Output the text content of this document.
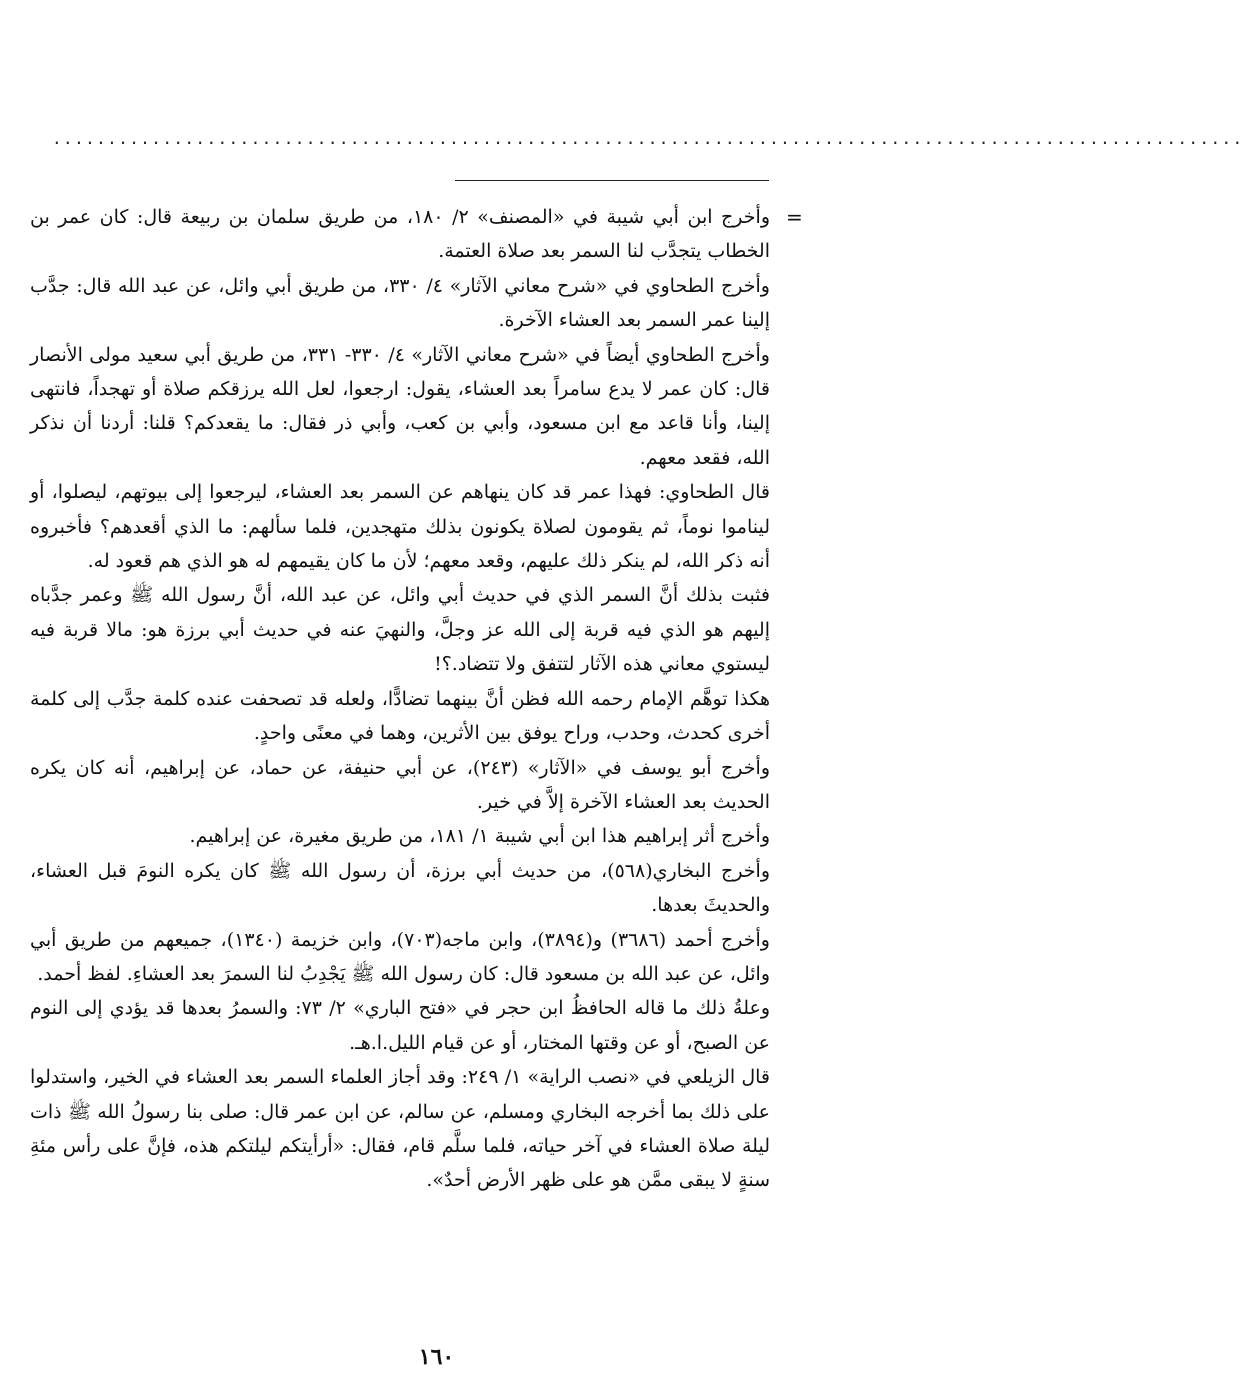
............................................................................................................
=

وأخرج ابن أبي شيبة في «المصنف» ٢/ ١٨٠، من طريق سلمان بن ربيعة قال: كان عمر بن الخطاب يتجدَّب لنا السمر بعد صلاة العتمة.

وأخرج الطحاوي في «شرح معاني الآثار» ٤/ ٣٣٠، من طريق أبي وائل، عن عبد الله قال: جدَّب إلينا عمر السمر بعد العشاء الآخرة.

وأخرج الطحاوي أيضاً في «شرح معاني الآثار» ٤/ ٣٣٠- ٣٣١، من طريق أبي سعيد مولى الأنصار قال: كان عمر لا يدع سامراً بعد العشاء، يقول: ارجعوا، لعل الله يرزقكم صلاة أو تهجداً، فانتهى إلينا، وأنا قاعد مع ابن مسعود، وأبي بن كعب، وأبي ذر فقال: ما يقعدكم؟ قلنا: أردنا أن نذكر الله، فقعد معهم.

قال الطحاوي: فهذا عمر قد كان ينهاهم عن السمر بعد العشاء، ليرجعوا إلى بيوتهم، ليصلوا، أو ليناموا نوماً، ثم يقومون لصلاة يكونون بذلك متهجدين، فلما سألهم: ما الذي أقعدهم؟ فأخبروه أنه ذكر الله، لم ينكر ذلك عليهم، وقعد معهم؛ لأن ما كان يقيمهم له هو الذي هم قعود له.

فثبت بذلك أنَّ السمر الذي في حديث أبي وائل، عن عبد الله، أنَّ رسول الله ﷺ وعمر جدَّباه إليهم هو الذي فيه قربة إلى الله عز وجلَّ، والنهيَ عنه في حديث أبي برزة هو: مالا قربة فيه ليستوي معاني هذه الآثار لتتفق ولا تتضاد.؟!

هكذا توهَّم الإمام رحمه الله فظن أنَّ بينهما تضادًّا، ولعله قد تصحفت عنده كلمة جدَّب إلى كلمة أخرى كحدث، وحدب، وراح يوفق بين الأثرين، وهما في معنًى واحدٍ.

وأخرج أبو يوسف في «الآثار» (٢٤٣)، عن أبي حنيفة، عن حماد، عن إبراهيم، أنه كان يكره الحديث بعد العشاء الآخرة إلاَّ في خير.

وأخرج أثر إبراهيم هذا ابن أبي شيبة ١/ ١٨١، من طريق مغيرة، عن إبراهيم.

وأخرج البخاري(٥٦٨)، من حديث أبي برزة، أن رسول الله ﷺ كان يكره النومَ قبل العشاء، والحديثَ بعدها.

وأخرج أحمد (٣٦٨٦) و(٣٨٩٤)، وابن ماجه(٧٠٣)، وابن خزيمة (١٣٤٠)، جميعهم من طريق أبي وائل، عن عبد الله بن مسعود قال: كان رسول الله ﷺ يَجْدِبُ لنا السمرَ بعد العشاءِ. لفظ أحمد.

وعلةُ ذلك ما قاله الحافظُ ابن حجر في «فتح الباري» ٢/ ٧٣: والسمرُ بعدها قد يؤدي إلى النوم عن الصبح، أو عن وقتها المختار، أو عن قيام الليل.ا.هـ.

قال الزيلعي في «نصب الراية» ١/ ٢٤٩: وقد أجاز العلماء السمر بعد العشاء في الخير، واستدلوا على ذلك بما أخرجه البخاري ومسلم، عن سالم، عن ابن عمر قال: صلى بنا رسولُ الله ﷺ ذات ليلة صلاة العشاء في آخر حياته، فلما سلَّم قام، فقال: «أرأيتكم ليلتكم هذه، فإنَّ على رأس مئةِ سنةٍ لا يبقى ممَّن هو على ظهر الأرض أحدٌ».

١٦٠
